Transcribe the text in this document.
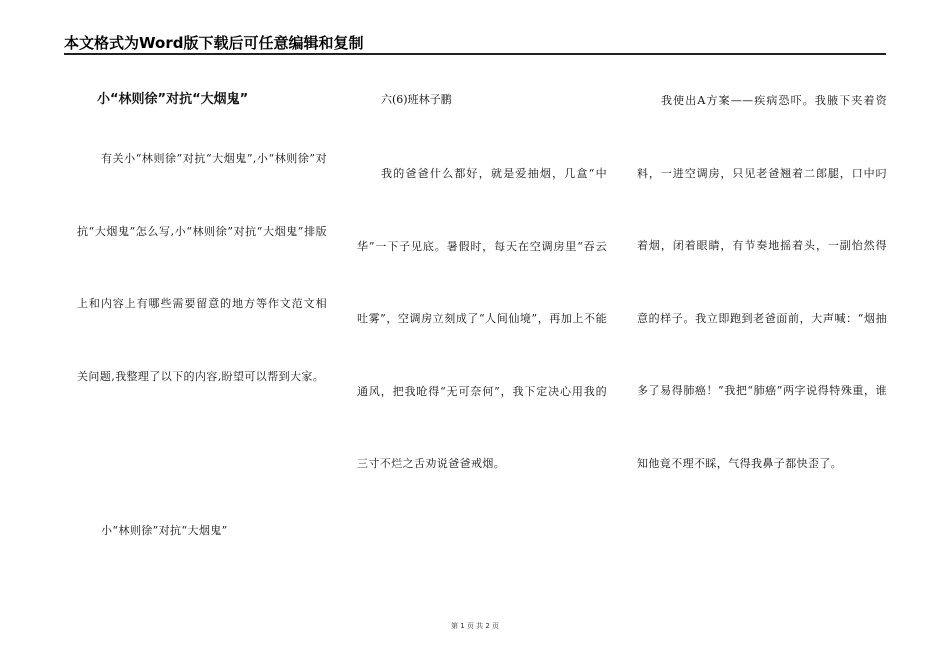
本文格式为Word版下载后可任意编辑和复制
小“林则徐”对抗“大烟鬼”

有关小“林则徐”对抗“大烟鬼”,小“林则徐”对抗“大烟鬼”怎么写,小“林则徐”对抗“大烟鬼”排版上和内容上有哪些需要留意的地方等作文范文相关问题,我整理了以下的内容,盼望可以帮到大家。

小“林则徐”对抗“大烟鬼”
六(6)班林子鹏

我的爸爸什么都好，就是爱抽烟，几盒“中华”一下子见底。暑假时，每天在空调房里“吞云吐雾”，空调房立刻成了“人间仙境”，再加上不能通风，把我呛得“无可奈何”，我下定决心用我的三寸不烂之舌劝说爸爸戒烟。

我使出A方案——疾病恐吓。我腋下夹着资料，一进空调房，只见老爸翘着二郎腿，口中叼着烟，闭着眼睛，有节奏地摇着头，一副怡然得意的样子。我立即跑到老爸面前，大声喊：“烟抽多了易得肺癌！”我把“肺癌”两字说得特殊重，谁知他竟不理不睬，气得我鼻子都快歪了。

第 1 页 共 2 页
